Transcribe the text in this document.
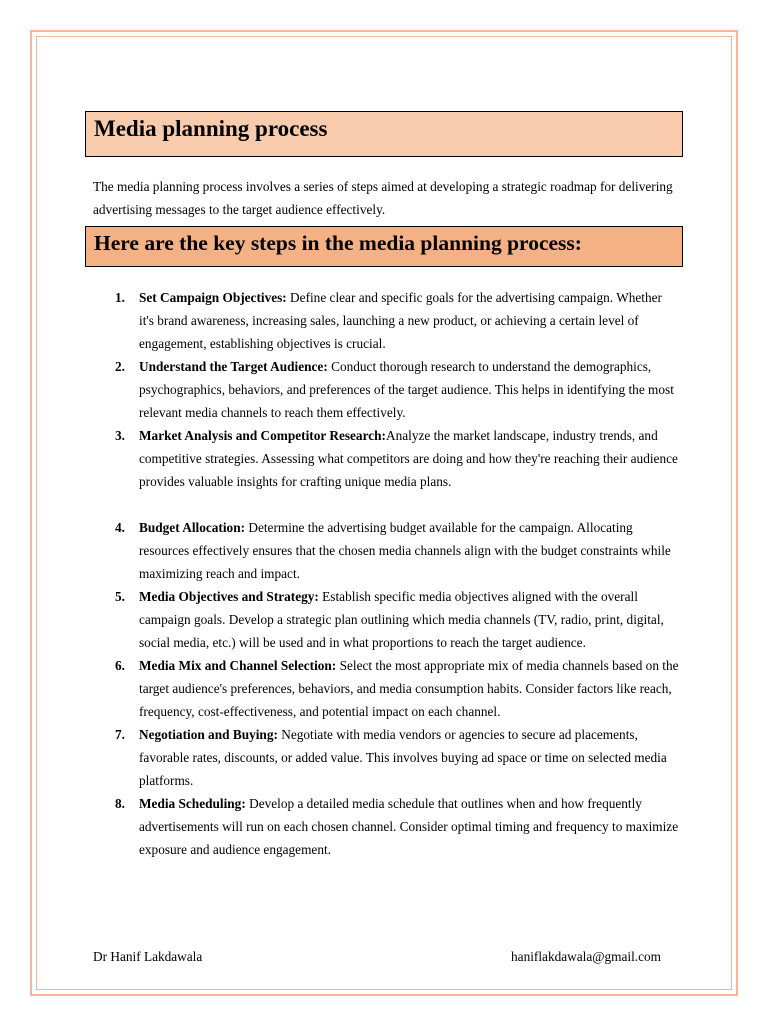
Media planning process

The media planning process involves a series of steps aimed at developing a strategic roadmap for delivering advertising messages to the target audience effectively.

Here are the key steps in the media planning process:
1. Set Campaign Objectives: Define clear and specific goals for the advertising campaign. Whether it's brand awareness, increasing sales, launching a new product, or achieving a certain level of engagement, establishing objectives is crucial.
2. Understand the Target Audience: Conduct thorough research to understand the demographics, psychographics, behaviors, and preferences of the target audience. This helps in identifying the most relevant media channels to reach them effectively.
3. Market Analysis and Competitor Research:Analyze the market landscape, industry trends, and competitive strategies. Assessing what competitors are doing and how they're reaching their audience provides valuable insights for crafting unique media plans.
4. Budget Allocation: Determine the advertising budget available for the campaign. Allocating resources effectively ensures that the chosen media channels align with the budget constraints while maximizing reach and impact.
5. Media Objectives and Strategy: Establish specific media objectives aligned with the overall campaign goals. Develop a strategic plan outlining which media channels (TV, radio, print, digital, social media, etc.) will be used and in what proportions to reach the target audience.
6. Media Mix and Channel Selection: Select the most appropriate mix of media channels based on the target audience's preferences, behaviors, and media consumption habits. Consider factors like reach, frequency, cost-effectiveness, and potential impact on each channel.
7. Negotiation and Buying: Negotiate with media vendors or agencies to secure ad placements, favorable rates, discounts, or added value. This involves buying ad space or time on selected media platforms.
8. Media Scheduling: Develop a detailed media schedule that outlines when and how frequently advertisements will run on each chosen channel. Consider optimal timing and frequency to maximize exposure and audience engagement.
Dr Hanif Lakdawala	haniflakdawala@gmail.com
